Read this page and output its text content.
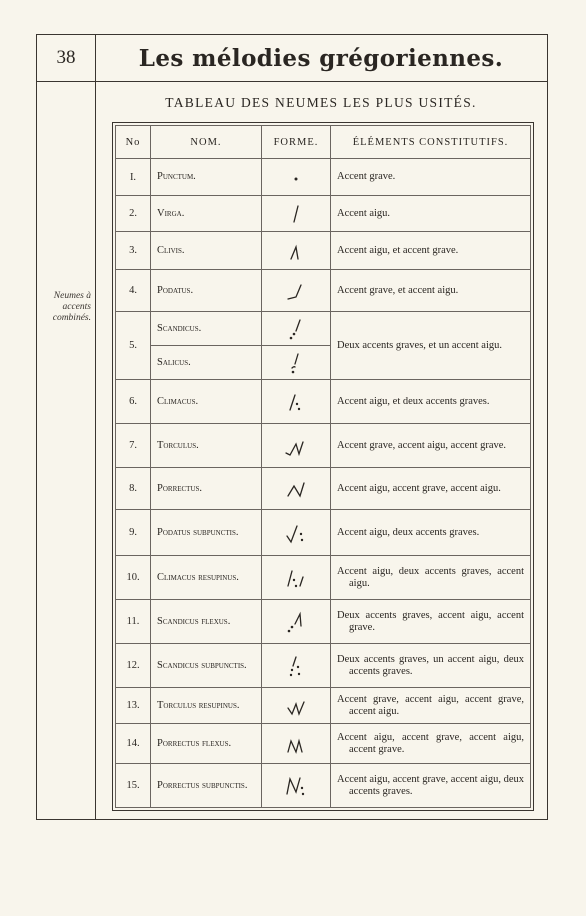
38	Les mélodies grégoriennes.
Neumes à accents combinés.
TABLEAU DES NEUMES LES PLUS USITÉS.
No	NOM.	FORME.	ÉLÉMENTS CONSTITUTIFS.
I.	Punctum.		Accent grave.
2.	Virga.		Accent aigu.
3.	Clivis.		Accent aigu, et accent grave.
4.	Podatus.		Accent grave, et accent aigu.
5.	Scandicus.		Deux accents graves, et un accent aigu.

	Salicus.	

6.	Climacus.		Accent aigu, et deux accents graves.
7.	Torculus.		Accent grave, accent aigu, accent grave.

8.	Porrectus.		Accent aigu, accent grave, accent aigu.
9.	Podatus subpunctis.		Accent aigu, deux accents graves.
10.	Climacus resupinus.		Accent aigu, deux accents graves, accent aigu.

11.	Scandicus flexus.		Deux accents graves, accent aigu, accent grave.

12.	Scandicus subpunctis.		Deux accents graves, un accent aigu, deux accents graves.

13.	Torculus resupinus.		Accent grave, accent aigu, accent grave, accent aigu.

14.	Porrectus flexus.		Accent aigu, accent grave, accent aigu, accent grave.

15.	Porrectus subpunctis.		Accent aigu, accent grave, accent aigu, deux accents graves.
